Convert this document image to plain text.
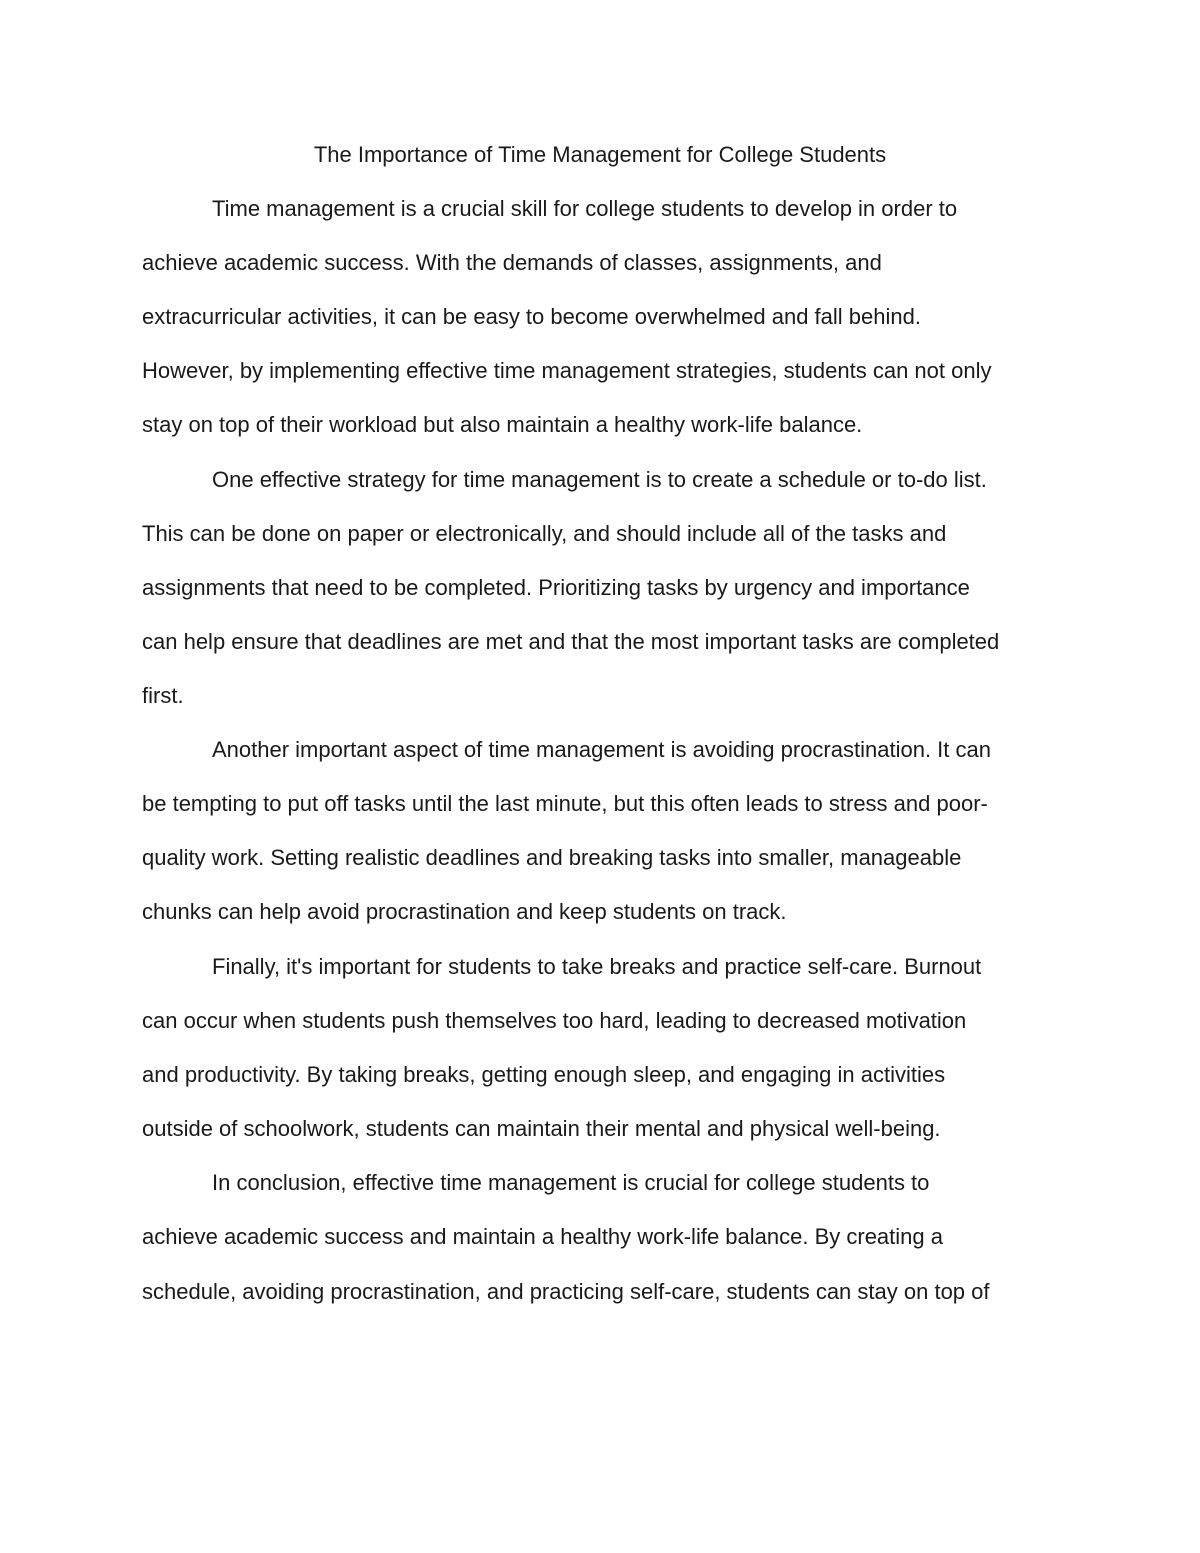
The Importance of Time Management for College Students
Time management is a crucial skill for college students to develop in order to
achieve academic success. With the demands of classes, assignments, and
extracurricular activities, it can be easy to become overwhelmed and fall behind.
However, by implementing effective time management strategies, students can not only
stay on top of their workload but also maintain a healthy work-life balance.
One effective strategy for time management is to create a schedule or to-do list.
This can be done on paper or electronically, and should include all of the tasks and
assignments that need to be completed. Prioritizing tasks by urgency and importance
can help ensure that deadlines are met and that the most important tasks are completed
first.
Another important aspect of time management is avoiding procrastination. It can
be tempting to put off tasks until the last minute, but this often leads to stress and poor-
quality work. Setting realistic deadlines and breaking tasks into smaller, manageable
chunks can help avoid procrastination and keep students on track.
Finally, it's important for students to take breaks and practice self-care. Burnout
can occur when students push themselves too hard, leading to decreased motivation
and productivity. By taking breaks, getting enough sleep, and engaging in activities
outside of schoolwork, students can maintain their mental and physical well-being.
In conclusion, effective time management is crucial for college students to
achieve academic success and maintain a healthy work-life balance. By creating a
schedule, avoiding procrastination, and practicing self-care, students can stay on top of
